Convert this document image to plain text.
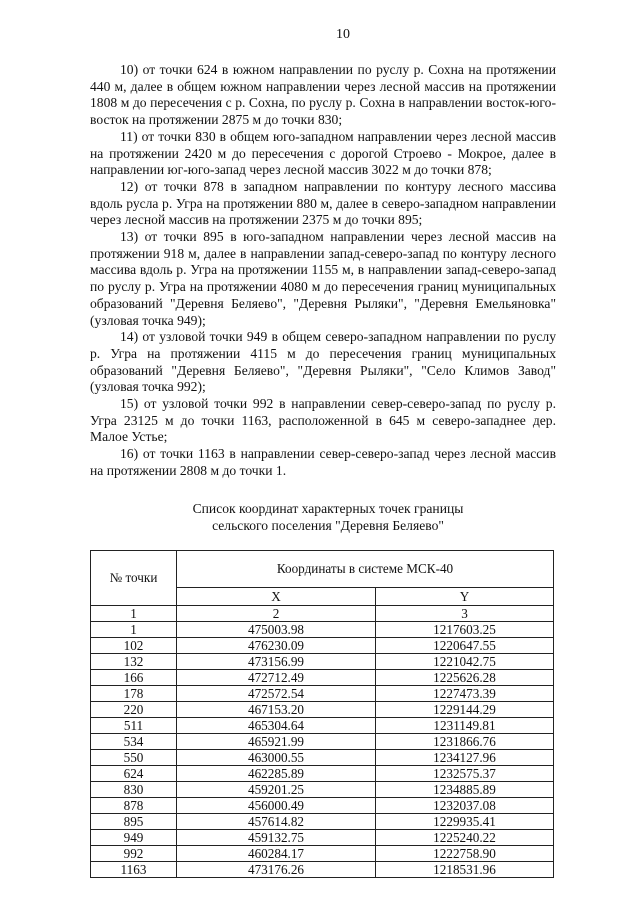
10

10) от точки 624 в южном направлении по руслу р. Сохна на протяжении 440 м, далее в общем южном направлении через лесной массив на протяжении 1808 м до пересечения с р. Сохна, по руслу р. Сохна в направлении восток-юго-восток на протяжении 2875 м до точки 830;

11) от точки 830 в общем юго-западном направлении через лесной массив на протяжении 2420 м до пересечения с дорогой Строево - Мокрое, далее в направлении юг-юго-запад через лесной массив 3022 м до точки 878;

12) от точки 878 в западном направлении по контуру лесного массива вдоль русла р. Угра на протяжении 880 м, далее в северо-западном направлении через лесной массив на протяжении 2375 м до точки 895;

13) от точки 895 в юго-западном направлении через лесной массив на протяжении 918 м, далее в направлении запад-северо-запад по контуру лесного массива вдоль р. Угра на протяжении 1155 м, в направлении запад-северо-запад по руслу р. Угра на протяжении 4080 м до пересечения границ муниципальных образований "Деревня Беляево", "Деревня Рыляки", "Деревня Емельяновка" (узловая точка 949);

14) от узловой точки 949 в общем северо-западном направлении по руслу р. Угра на протяжении 4115 м до пересечения границ муниципальных образований "Деревня Беляево", "Деревня Рыляки", "Село Климов Завод" (узловая точка 992);

15) от узловой точки 992 в направлении север-северо-запад по руслу р. Угра 23125 м до точки 1163, расположенной в 645 м северо-западнее дер. Малое Устье;

16) от точки 1163 в направлении север-северо-запад через лесной массив на протяжении 2808 м до точки 1.

Список координат характерных точек границы
сельского поселения "Деревня Беляево"
№ точки	Координаты в системе МСК-40	
	X	Y
1	2	3
1	475003.98	1217603.25
102	476230.09	1220647.55
132	473156.99	1221042.75
166	472712.49	1225626.28
178	472572.54	1227473.39
220	467153.20	1229144.29
511	465304.64	1231149.81
534	465921.99	1231866.76
550	463000.55	1234127.96
624	462285.89	1232575.37
830	459201.25	1234885.89
878	456000.49	1232037.08
895	457614.82	1229935.41
949	459132.75	1225240.22
992	460284.17	1222758.90
1163	473176.26	1218531.96
